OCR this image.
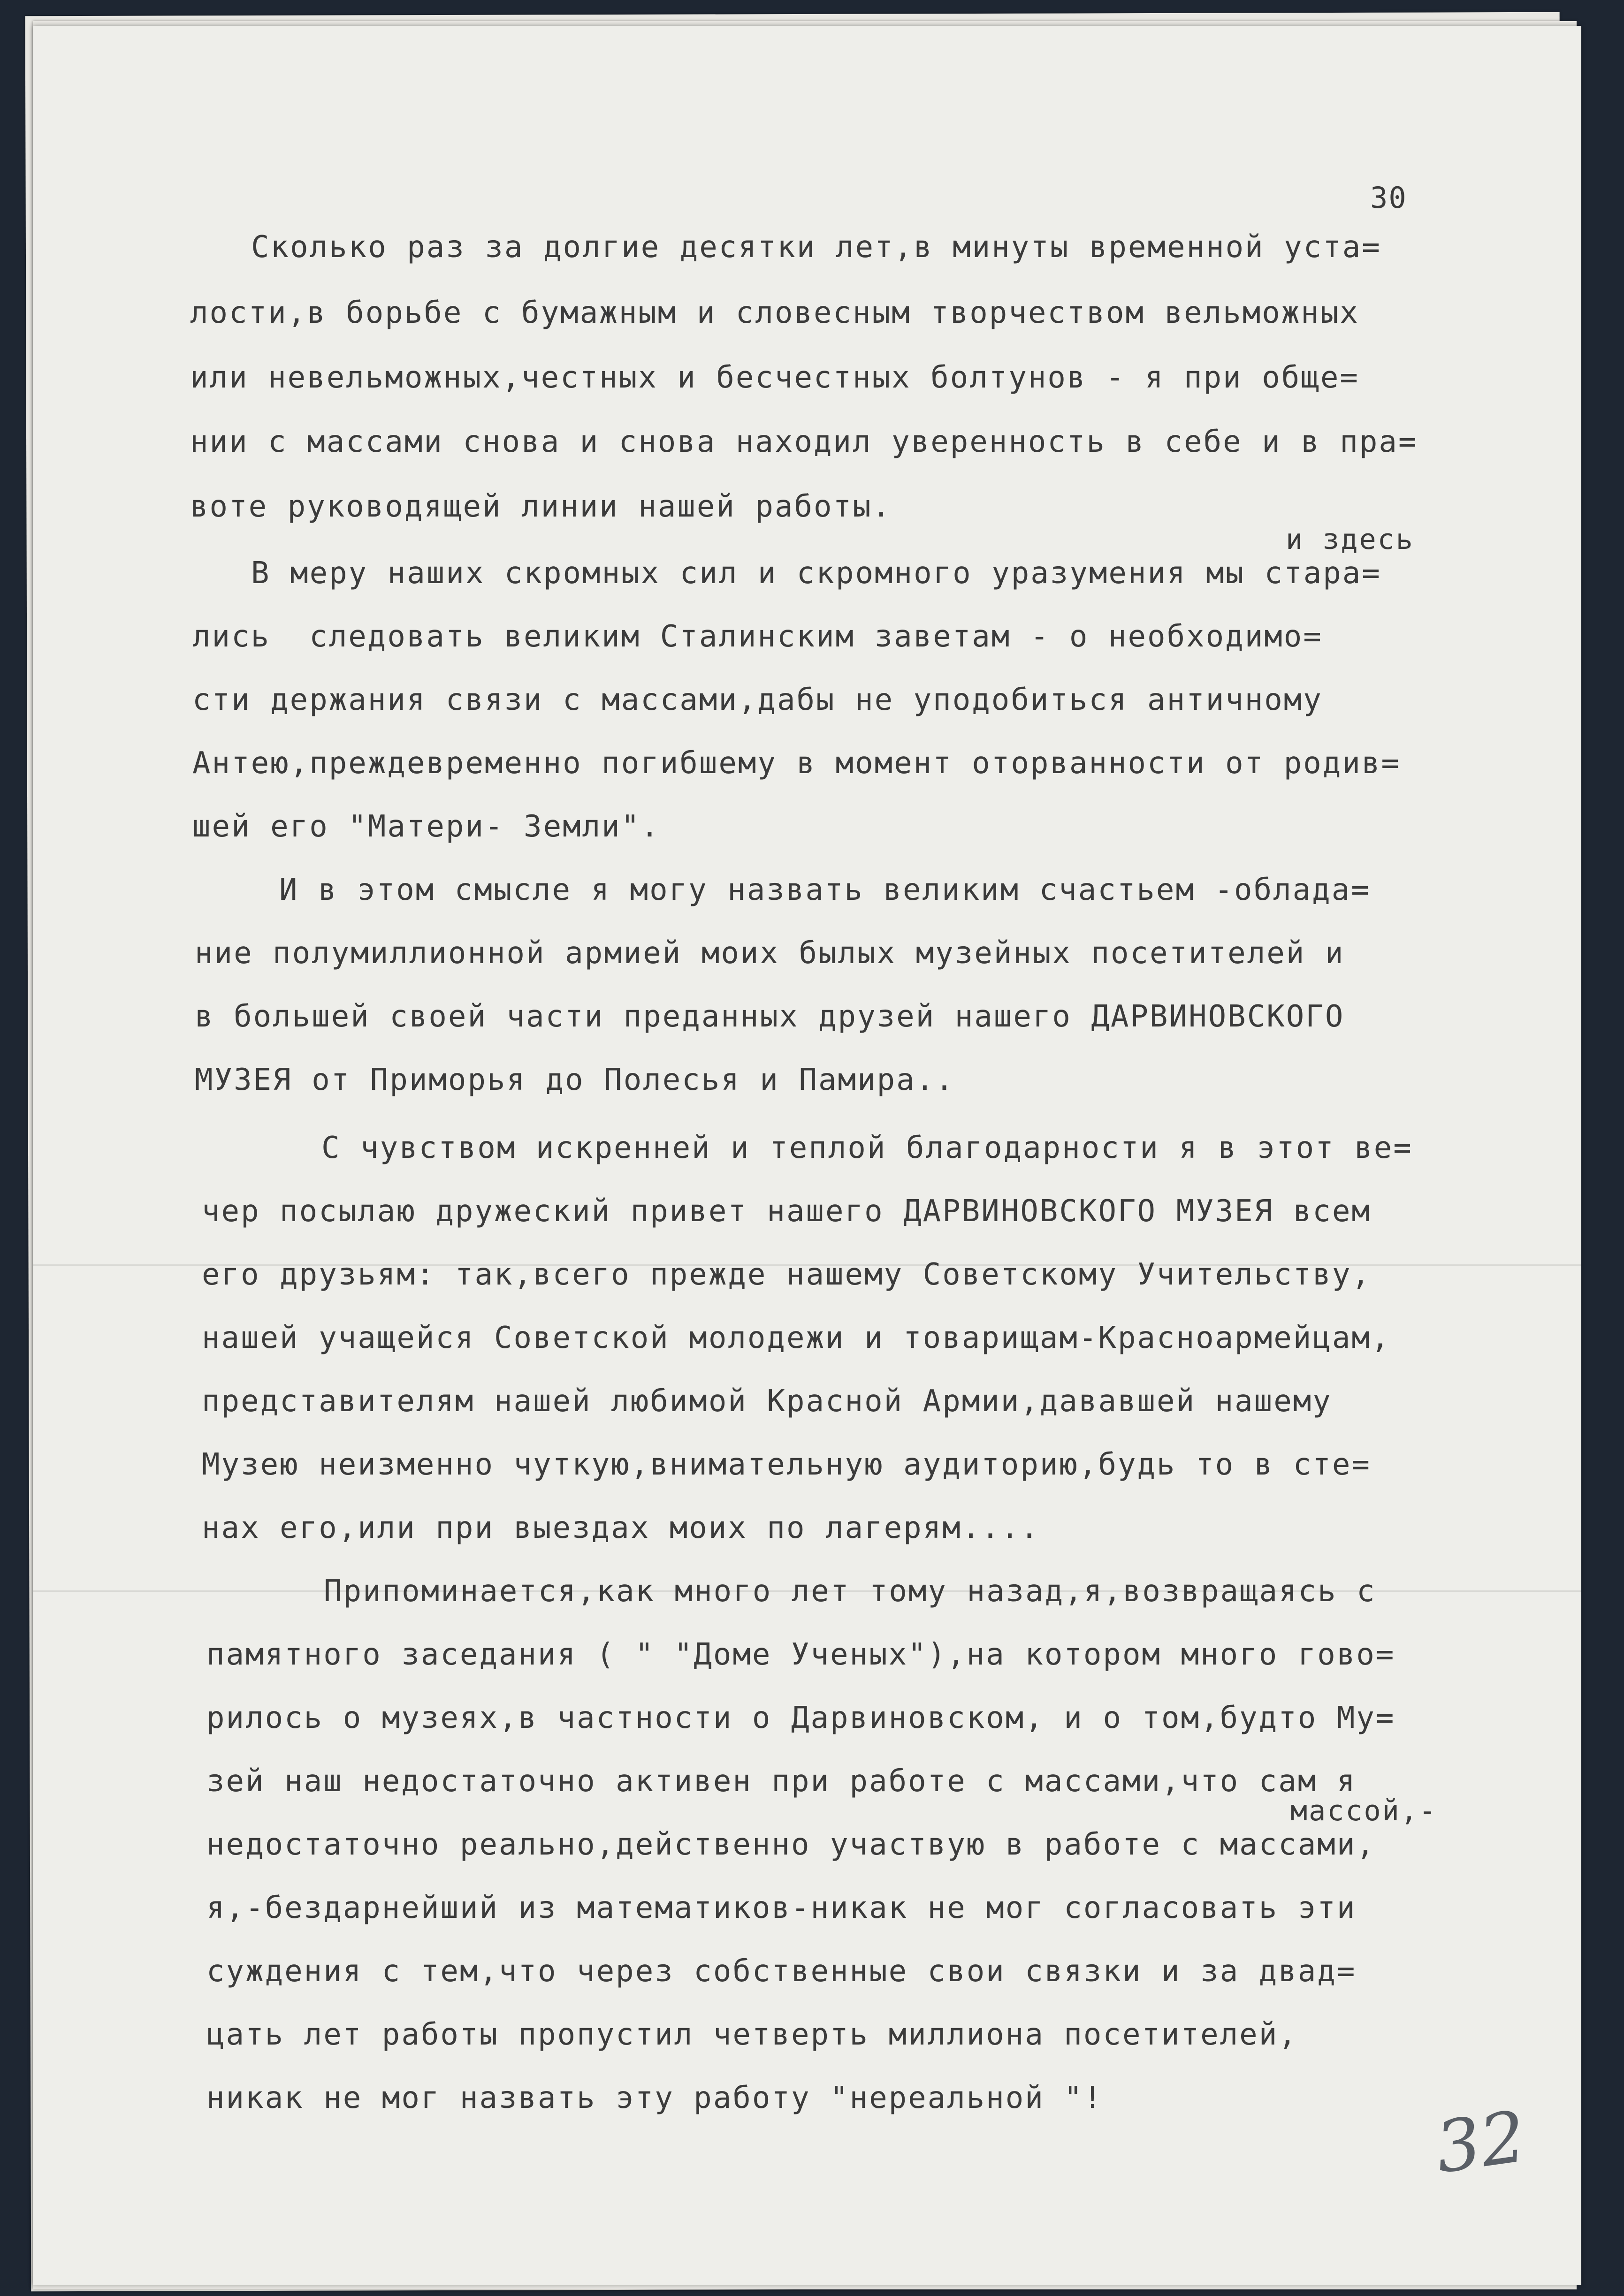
30
Сколько раз за долгие десятки лет,в минуты временной уста=
лости,в борьбе с бумажным и словесным творчеством вельможных
или невельможных,честных и бесчестных болтунов - я при обще=
нии с массами снова и снова находил уверенность в себе и в пра=
воте руководящей линии нашей работы.
и здесь
В меру наших скромных сил и скромного уразумения мы стара=
лись  следовать великим Сталинским заветам - о необходимо=
сти держания связи с массами,дабы не уподобиться античному
Антею,преждевременно погибшему в момент оторванности от родив=
шей его "Матери- Земли".
И в этом смысле я могу назвать великим счастьем -облада=
ние полумиллионной армией моих былых музейных посетителей и
в большей своей части преданных друзей нашего ДАРВИНОВСКОГО
МУЗЕЯ от Приморья до Полесья и Памира..
С чувством искренней и теплой благодарности я в этот ве=
чер посылаю дружеский привет нашего ДАРВИНОВСКОГО МУЗЕЯ всем
его друзьям: так,всего прежде нашему Советскому Учительству,
нашей учащейся Советской молодежи и товарищам-Красноармейцам,
представителям нашей любимой Красной Армии,дававшей нашему
Музею неизменно чуткую,внимательную аудиторию,будь то в сте=
нах его,или при выездах моих по лагерям....
Припоминается,как много лет тому назад,я,возвращаясь с
памятного заседания ( " "Доме Ученых"),на котором много гово=
рилось о музеях,в частности о Дарвиновском, и о том,будто Му=
зей наш недостаточно активен при работе с массами,что сам я
массой,-
недостаточно реально,действенно участвую в работе с массами,
я,-бездарнейший из математиков-никак не мог согласовать эти
суждения с тем,что через собственные свои связки и за двад=
цать лет работы пропустил четверть миллиона посетителей,
никак не мог назвать эту работу "нереальной "!	32
